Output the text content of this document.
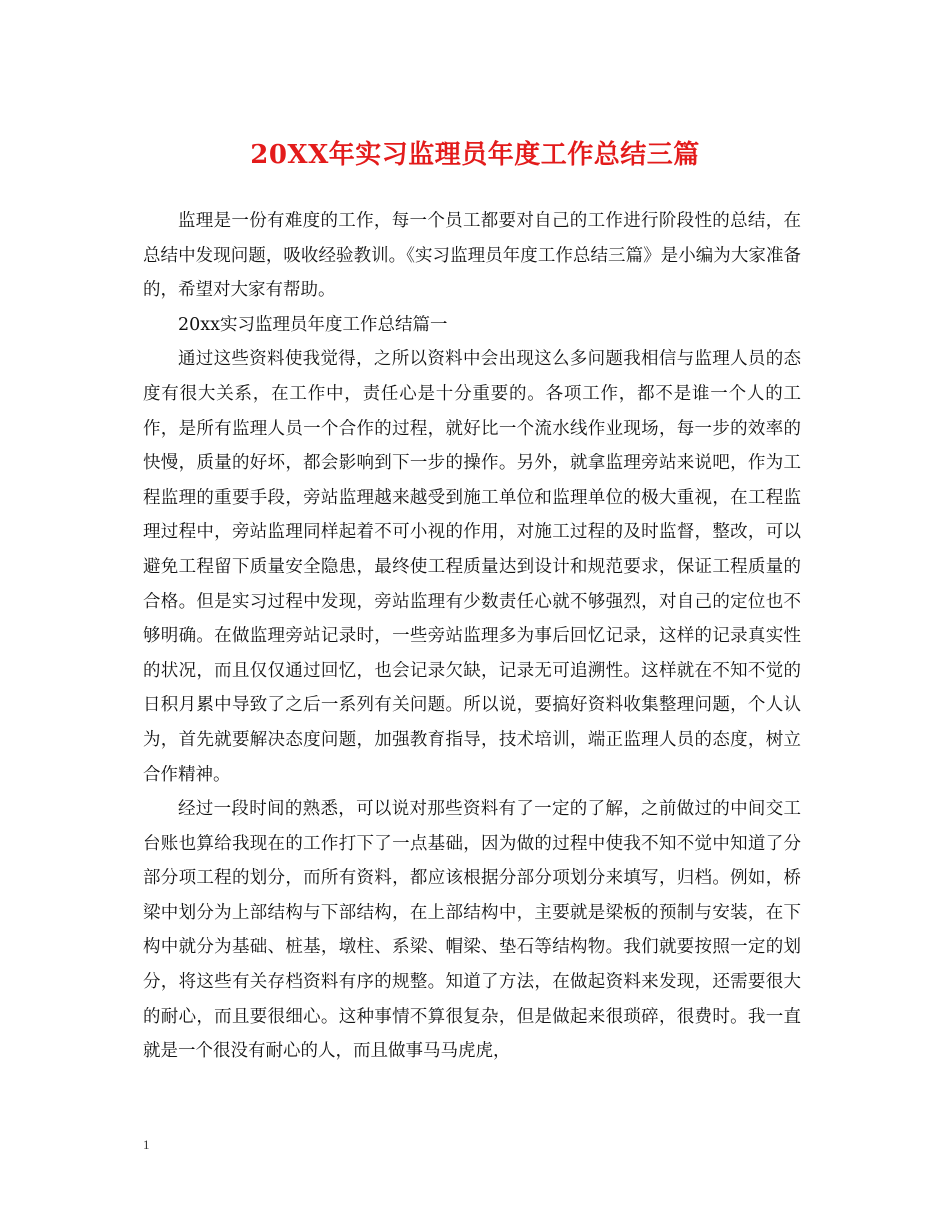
20XX年实习监理员年度工作总结三篇

监理是一份有难度的工作，每一个员工都要对自己的工作进行阶段性的总结，在总结中发现问题，吸收经验教训。《实习监理员年度工作总结三篇》是小编为大家准备的，希望对大家有帮助。

20xx实习监理员年度工作总结篇一

通过这些资料使我觉得，之所以资料中会出现这么多问题我相信与监理人员的态度有很大关系，在工作中，责任心是十分重要的。各项工作，都不是谁一个人的工作，是所有监理人员一个合作的过程，就好比一个流水线作业现场，每一步的效率的快慢，质量的好坏，都会影响到下一步的操作。另外，就拿监理旁站来说吧，作为工程监理的重要手段，旁站监理越来越受到施工单位和监理单位的极大重视，在工程监理过程中，旁站监理同样起着不可小视的作用，对施工过程的及时监督，整改，可以避免工程留下质量安全隐患，最终使工程质量达到设计和规范要求，保证工程质量的合格。但是实习过程中发现，旁站监理有少数责任心就不够强烈，对自己的定位也不够明确。在做监理旁站记录时，一些旁站监理多为事后回忆记录，这样的记录真实性的状况，而且仅仅通过回忆，也会记录欠缺，记录无可追溯性。这样就在不知不觉的日积月累中导致了之后一系列有关问题。所以说，要搞好资料收集整理问题，个人认为，首先就要解决态度问题，加强教育指导，技术培训，端正监理人员的态度，树立合作精神。

经过一段时间的熟悉，可以说对那些资料有了一定的了解，之前做过的中间交工台账也算给我现在的工作打下了一点基础，因为做的过程中使我不知不觉中知道了分部分项工程的划分，而所有资料，都应该根据分部分项划分来填写，归档。例如，桥梁中划分为上部结构与下部结构，在上部结构中，主要就是梁板的预制与安装，在下构中就分为基础、桩基，墩柱、系梁、帽梁、垫石等结构物。我们就要按照一定的划分，将这些有关存档资料有序的规整。知道了方法，在做起资料来发现，还需要很大的耐心，而且要很细心。这种事情不算很复杂，但是做起来很琐碎，很费时。我一直就是一个很没有耐心的人，而且做事马马虎虎，

1
